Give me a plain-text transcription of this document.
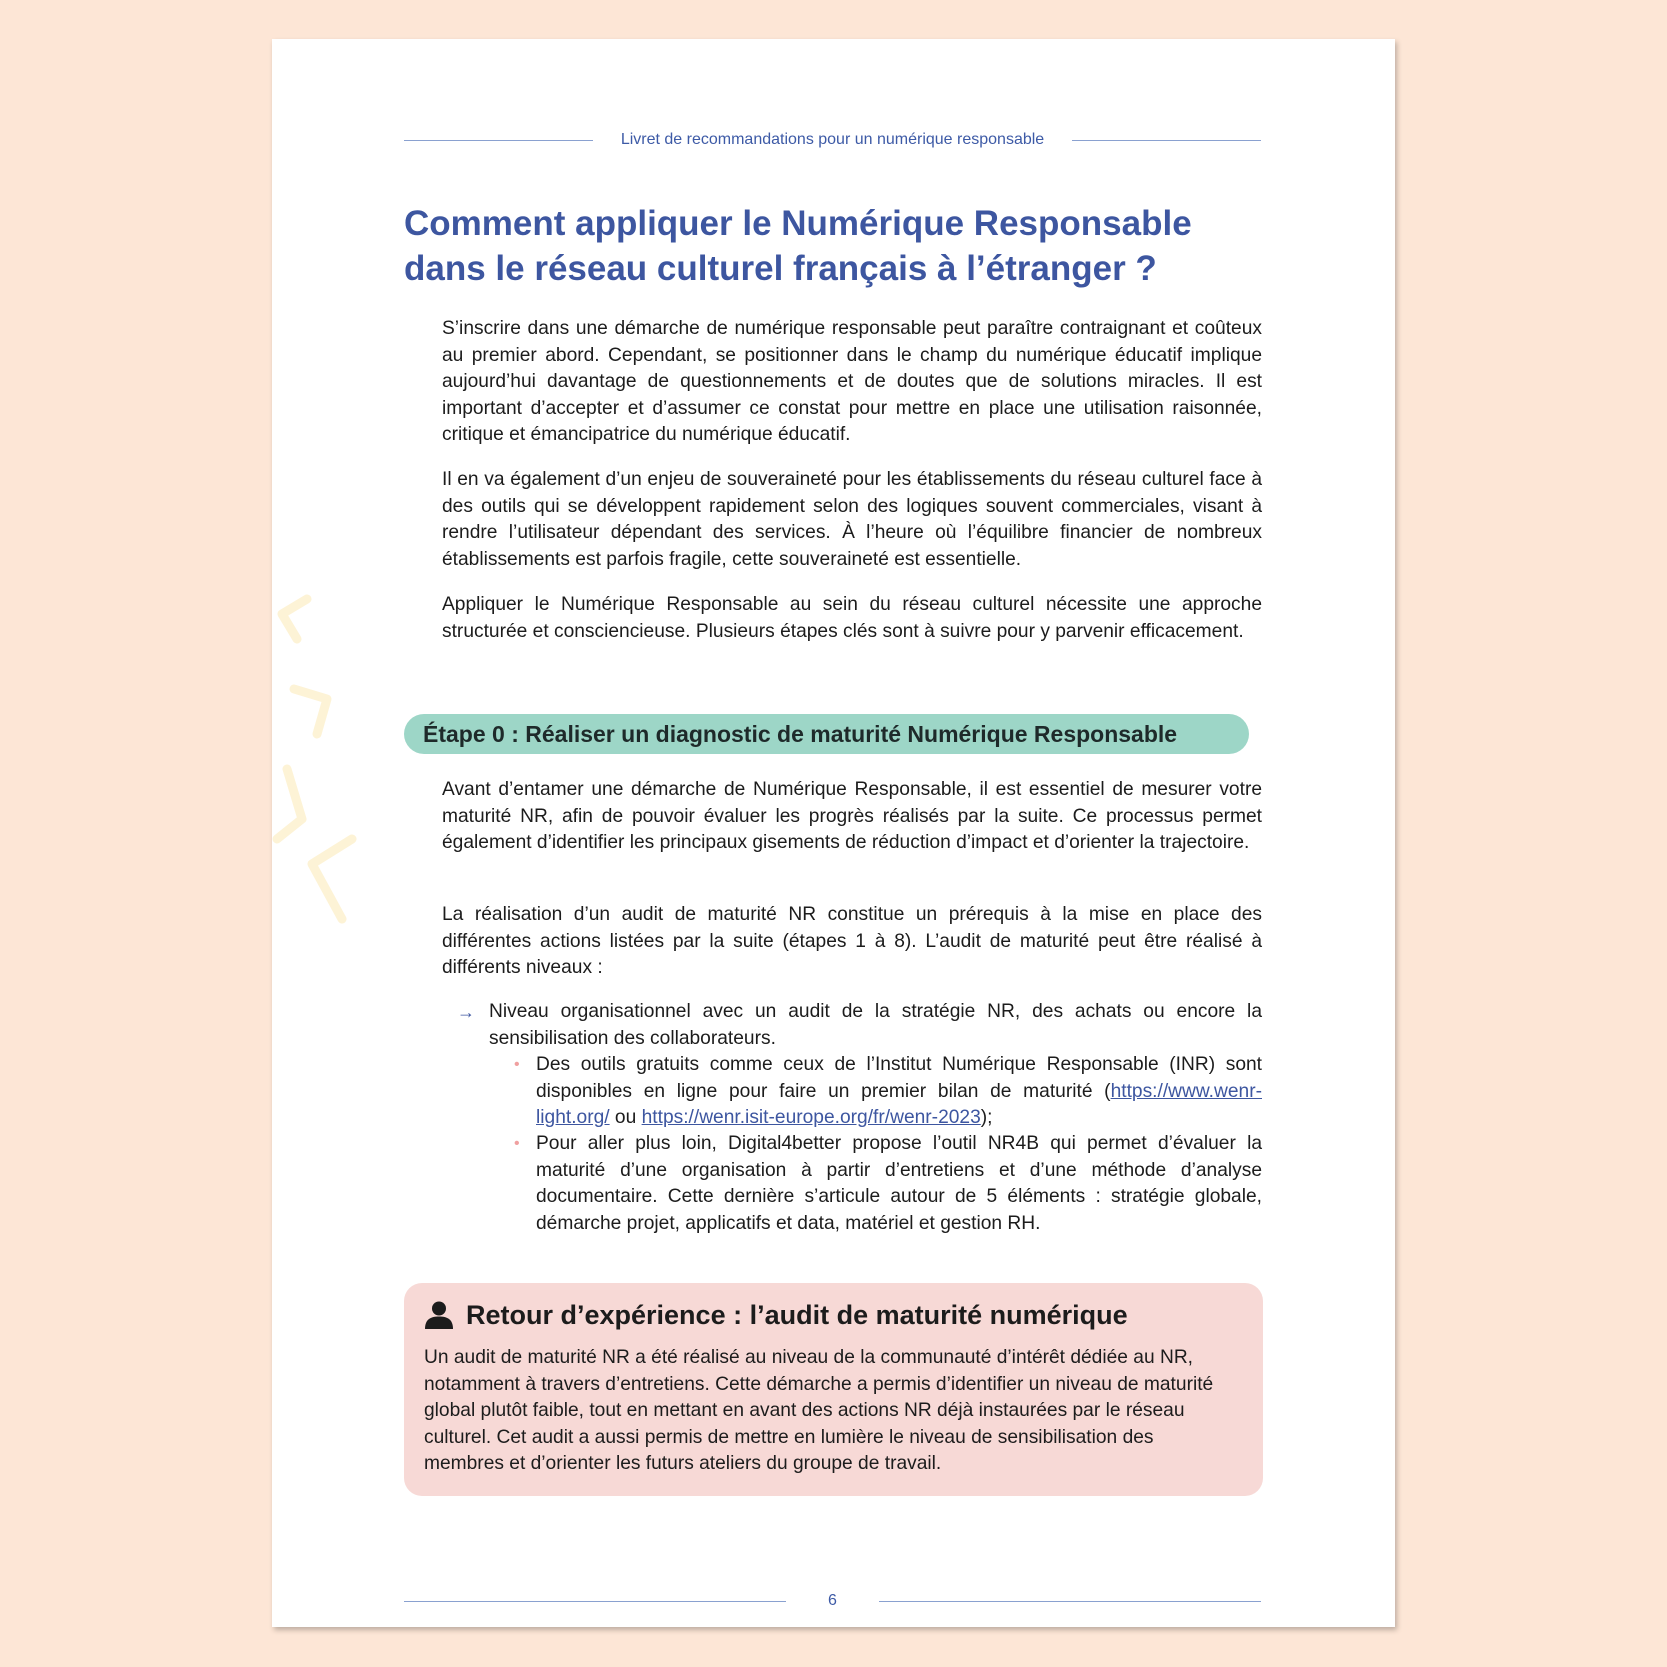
Livret de recommandations pour un numérique responsable
Comment appliquer le Numérique Responsable
dans le réseau culturel français à l’étranger ?

S’inscrire dans une démarche de numérique responsable peut paraître contraignant et coûteux au premier abord. Cependant, se positionner dans le champ du numérique éducatif implique aujourd’hui davantage de questionnements et de doutes que de solutions miracles. Il est important d’accepter et d’assumer ce constat pour mettre en place une utilisation raisonnée, critique et émancipatrice du numérique éducatif.

Il en va également d’un enjeu de souveraineté pour les établissements du réseau culturel face à des outils qui se développent rapidement selon des logiques souvent commerciales, visant à rendre l’utilisateur dépendant des services. À l’heure où l’équilibre financier de nombreux établissements est parfois fragile, cette souveraineté est essentielle.

Appliquer le Numérique Responsable au sein du réseau culturel nécessite une approche structurée et consciencieuse. Plusieurs étapes clés sont à suivre pour y parvenir efficacement.

Étape 0 : Réaliser un diagnostic de maturité Numérique Responsable

Avant d’entamer une démarche de Numérique Responsable, il est essentiel de mesurer votre maturité NR, afin de pouvoir évaluer les progrès réalisés par la suite. Ce processus permet également d’identifier les principaux gisements de réduction d’impact et d’orienter la trajectoire.

La réalisation d’un audit de maturité NR constitue un prérequis à la mise en place des différentes actions listées par la suite (étapes 1 à 8). L’audit de maturité peut être réalisé à différents niveaux :

→ Niveau organisationnel avec un audit de la stratégie NR, des achats ou encore la sensibilisation des collaborateurs.
• Des outils gratuits comme ceux de l’Institut Numérique Responsable (INR) sont disponibles en ligne pour faire un premier bilan de maturité (https://www.wenr-light.org/ ou https://wenr.isit-europe.org/fr/wenr-2023);
• Pour aller plus loin, Digital4better propose l’outil NR4B qui permet d’évaluer la maturité d’une organisation à partir d’entretiens et d’une méthode d’analyse documentaire. Cette dernière s’articule autour de 5 éléments : stratégie globale, démarche projet, applicatifs et data, matériel et gestion RH.
Retour d’expérience : l’audit de maturité numérique

Un audit de maturité NR a été réalisé au niveau de la communauté d’intérêt dédiée au NR, notamment à travers d’entretiens. Cette démarche a permis d’identifier un niveau de maturité global plutôt faible, tout en mettant en avant des actions NR déjà instaurées par le réseau culturel. Cet audit a aussi permis de mettre en lumière le niveau de sensibilisation des membres et d’orienter les futurs ateliers du groupe de travail.

6
